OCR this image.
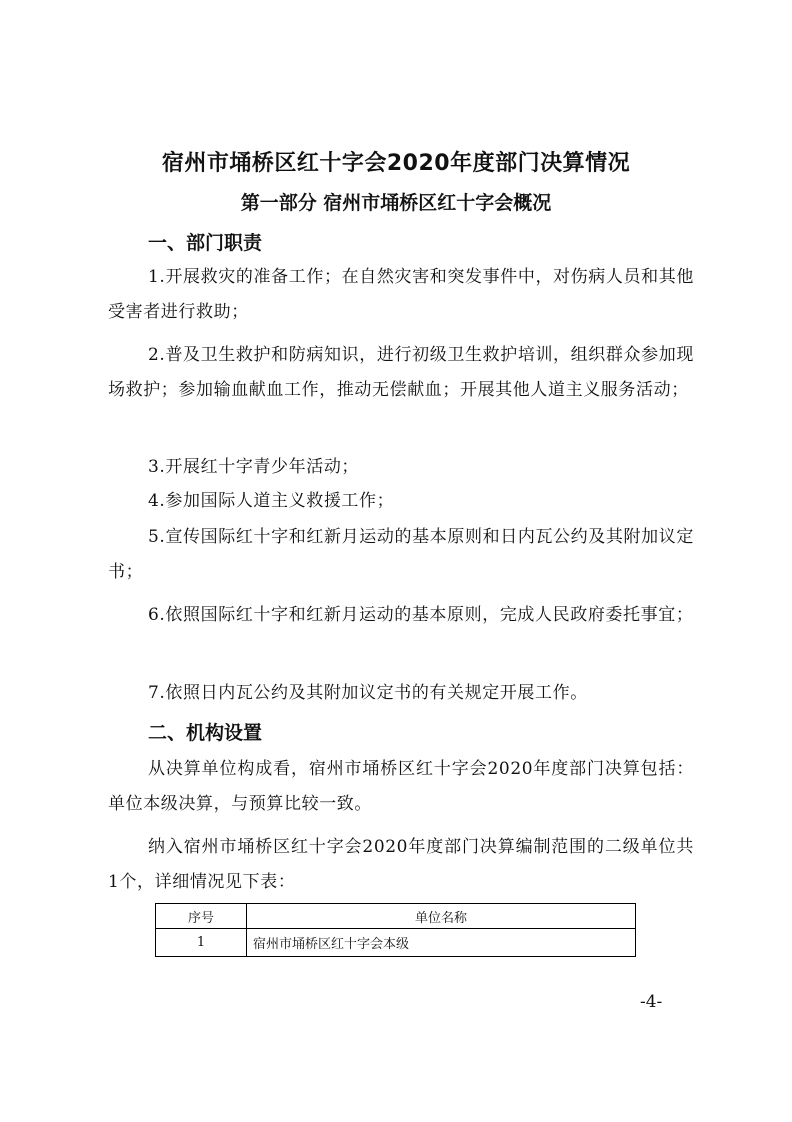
宿州市埇桥区红十字会2020年度部门决算情况
第一部分 宿州市埇桥区红十字会概况
一、部门职责
1.开展救灾的准备工作；在自然灾害和突发事件中，对伤病人员和其他受害者进行救助；
2.普及卫生救护和防病知识，进行初级卫生救护培训，组织群众参加现场救护；参加输血献血工作，推动无偿献血；开展其他人道主义服务活动；
3.开展红十字青少年活动；
4.参加国际人道主义救援工作；
5.宣传国际红十字和红新月运动的基本原则和日内瓦公约及其附加议定书；
6.依照国际红十字和红新月运动的基本原则，完成人民政府委托事宜；
7.依照日内瓦公约及其附加议定书的有关规定开展工作。
二、机构设置
从决算单位构成看，宿州市埇桥区红十字会2020年度部门决算包括：单位本级决算，与预算比较一致。
纳入宿州市埇桥区红十字会2020年度部门决算编制范围的二级单位共1个，详细情况见下表：
序号	单位名称
1	宿州市埇桥区红十字会本级
-4-
